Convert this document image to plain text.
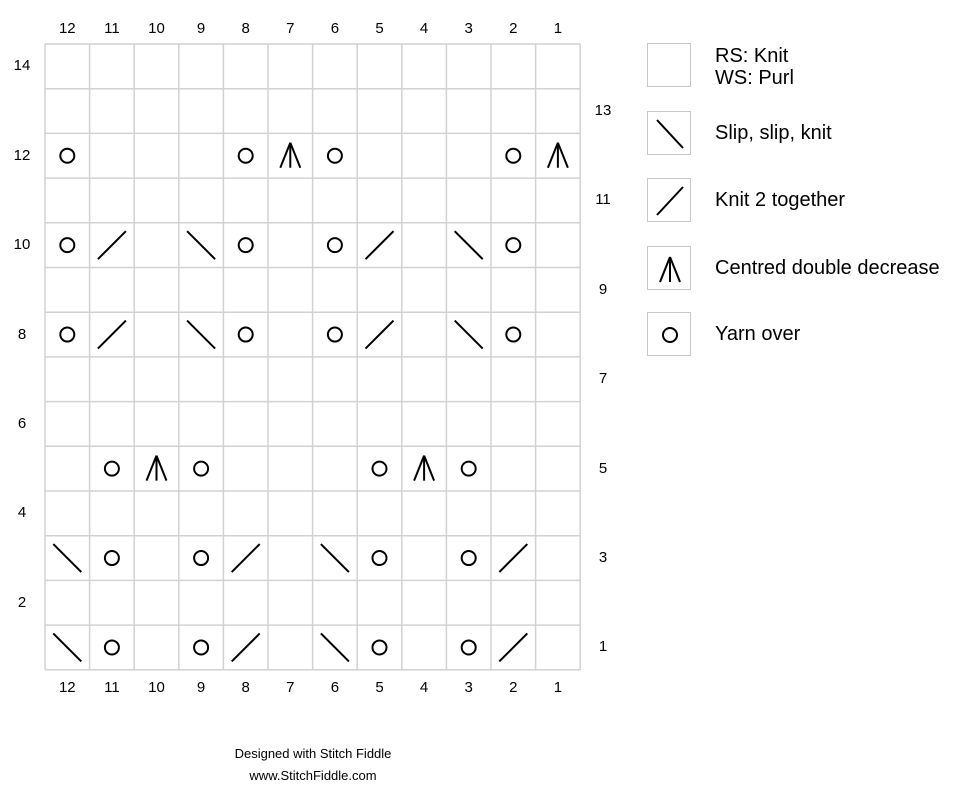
12
12
11
11
10
10
9
9
8
8
7
7
6
6
5
5
4
4
3
3
2
2
1
1
14
12
10
8
6
4
2
13
11
9
7
5
3
1
RS: Knit
WS: Purl
Slip, slip, knit
Knit 2 together
Centred double decrease
Yarn over
Designed with Stitch Fiddle
www.StitchFiddle.com
